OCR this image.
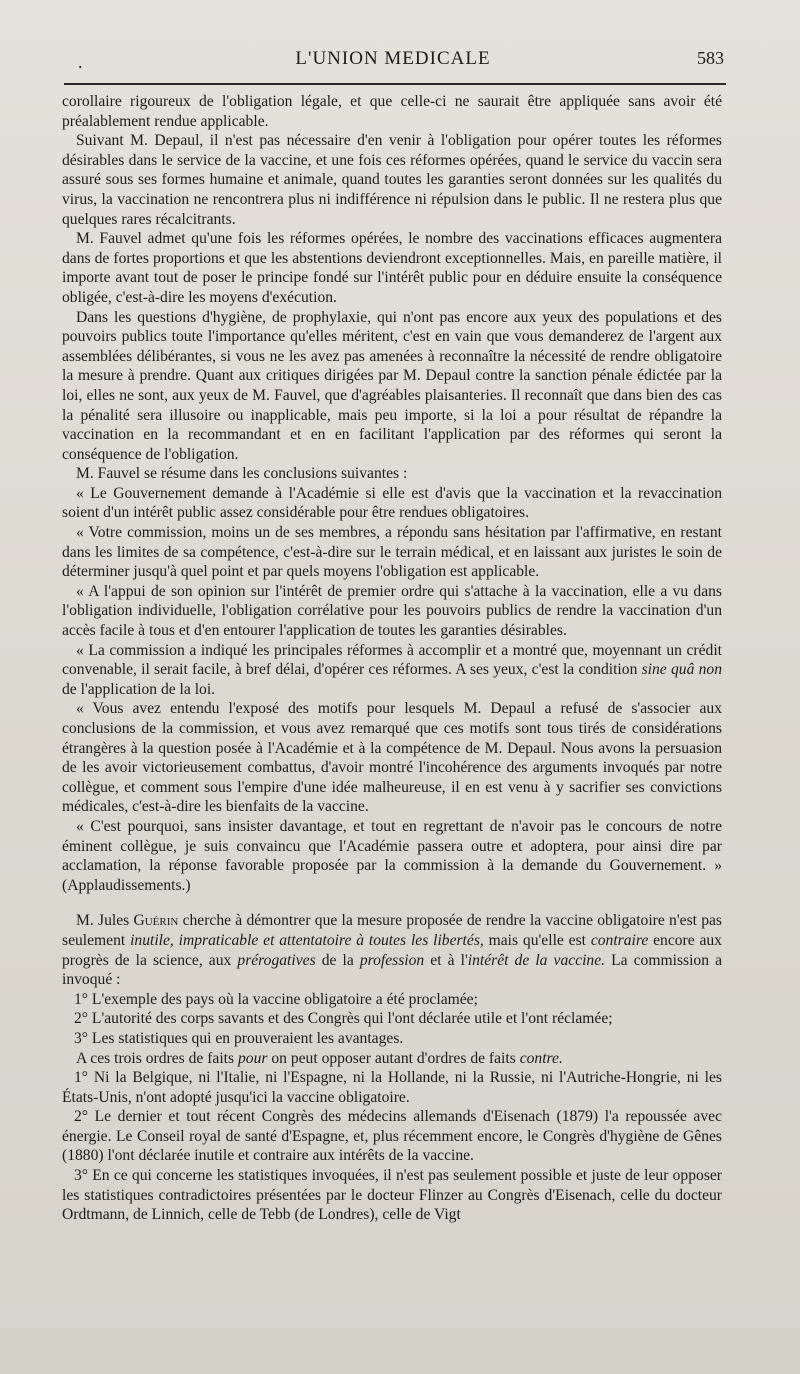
.	L'UNION MEDICALE	583

corollaire rigoureux de l'obligation légale, et que celle-ci ne saurait être appliquée sans avoir été préalablement rendue applicable.

Suivant M. Depaul, il n'est pas nécessaire d'en venir à l'obligation pour opérer toutes les réformes désirables dans le service de la vaccine, et une fois ces réformes opérées, quand le service du vaccin sera assuré sous ses formes humaine et animale, quand toutes les garanties seront données sur les qualités du virus, la vaccination ne rencontrera plus ni indifférence ni répulsion dans le public. Il ne restera plus que quelques rares récalcitrants.

M. Fauvel admet qu'une fois les réformes opérées, le nombre des vaccinations efficaces augmentera dans de fortes proportions et que les abstentions deviendront exceptionnelles. Mais, en pareille matière, il importe avant tout de poser le principe fondé sur l'intérêt public pour en déduire ensuite la conséquence obligée, c'est-à-dire les moyens d'exécution.

Dans les questions d'hygiène, de prophylaxie, qui n'ont pas encore aux yeux des populations et des pouvoirs publics toute l'importance qu'elles méritent, c'est en vain que vous demanderez de l'argent aux assemblées délibérantes, si vous ne les avez pas amenées à reconnaître la nécessité de rendre obligatoire la mesure à prendre. Quant aux critiques dirigées par M. Depaul contre la sanction pénale édictée par la loi, elles ne sont, aux yeux de M. Fauvel, que d'agréables plaisanteries. Il reconnaît que dans bien des cas la pénalité sera illusoire ou inapplicable, mais peu importe, si la loi a pour résultat de répandre la vaccination en la recommandant et en en facilitant l'application par des réformes qui seront la conséquence de l'obligation.

M. Fauvel se résume dans les conclusions suivantes :

« Le Gouvernement demande à l'Académie si elle est d'avis que la vaccination et la revaccination soient d'un intérêt public assez considérable pour être rendues obligatoires.

« Votre commission, moins un de ses membres, a répondu sans hésitation par l'affirmative, en restant dans les limites de sa compétence, c'est-à-dire sur le terrain médical, et en laissant aux juristes le soin de déterminer jusqu'à quel point et par quels moyens l'obligation est applicable.

« A l'appui de son opinion sur l'intérêt de premier ordre qui s'attache à la vaccination, elle a vu dans l'obligation individuelle, l'obligation corrélative pour les pouvoirs publics de rendre la vaccination d'un accès facile à tous et d'en entourer l'application de toutes les garanties désirables.

« La commission a indiqué les principales réformes à accomplir et a montré que, moyennant un crédit convenable, il serait facile, à bref délai, d'opérer ces réformes. A ses yeux, c'est la condition sine quâ non de l'application de la loi.

« Vous avez entendu l'exposé des motifs pour lesquels M. Depaul a refusé de s'associer aux conclusions de la commission, et vous avez remarqué que ces motifs sont tous tirés de considérations étrangères à la question posée à l'Académie et à la compétence de M. Depaul. Nous avons la persuasion de les avoir victorieusement combattus, d'avoir montré l'incohérence des arguments invoqués par notre collègue, et comment sous l'empire d'une idée malheureuse, il en est venu à y sacrifier ses convictions médicales, c'est-à-dire les bienfaits de la vaccine.

« C'est pourquoi, sans insister davantage, et tout en regrettant de n'avoir pas le concours de notre éminent collègue, je suis convaincu que l'Académie passera outre et adoptera, pour ainsi dire par acclamation, la réponse favorable proposée par la commission à la demande du Gouvernement. » (Applaudissements.)

M. Jules Guérin cherche à démontrer que la mesure proposée de rendre la vaccine obligatoire n'est pas seulement inutile, impraticable et attentatoire à toutes les libertés, mais qu'elle est contraire encore aux progrès de la science, aux prérogatives de la profession et à l'intérêt de la vaccine. La commission a invoqué :

1° L'exemple des pays où la vaccine obligatoire a été proclamée;

2° L'autorité des corps savants et des Congrès qui l'ont déclarée utile et l'ont réclamée;

3° Les statistiques qui en prouveraient les avantages.

A ces trois ordres de faits pour on peut opposer autant d'ordres de faits contre.

1° Ni la Belgique, ni l'Italie, ni l'Espagne, ni la Hollande, ni la Russie, ni l'Autriche-Hongrie, ni les États-Unis, n'ont adopté jusqu'ici la vaccine obligatoire.

2° Le dernier et tout récent Congrès des médecins allemands d'Eisenach (1879) l'a repoussée avec énergie. Le Conseil royal de santé d'Espagne, et, plus récemment encore, le Congrès d'hygiène de Gênes (1880) l'ont déclarée inutile et contraire aux intérêts de la vaccine.

3° En ce qui concerne les statistiques invoquées, il n'est pas seulement possible et juste de leur opposer les statistiques contradictoires présentées par le docteur Flinzer au Congrès d'Eisenach, celle du docteur Ordtmann, de Linnich, celle de Tebb (de Londres), celle de Vigt
